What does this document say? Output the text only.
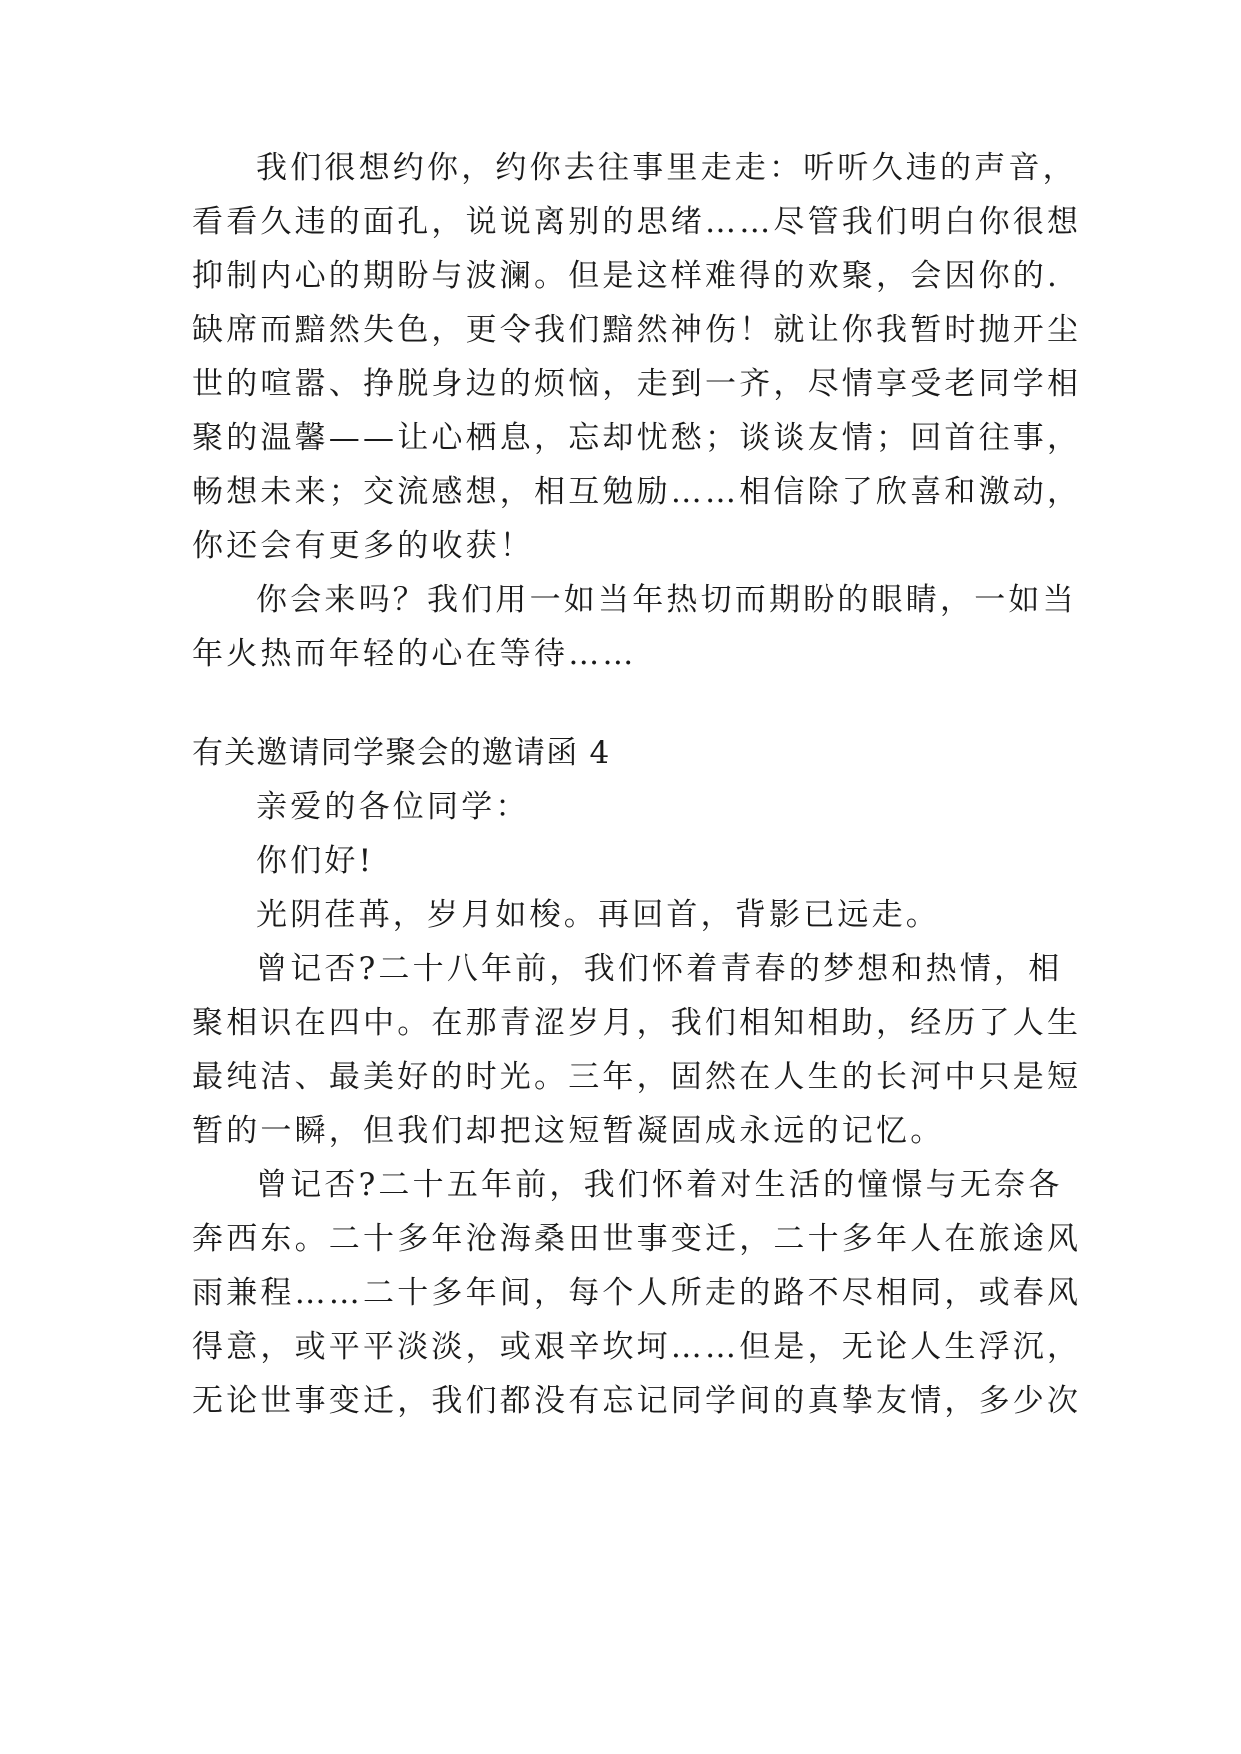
我们很想约你，约你去往事里走走：听听久违的声音，
看看久违的面孔，说说离别的思绪……尽管我们明白你很想
抑制内心的期盼与波澜。但是这样难得的欢聚，会因你的.
缺席而黯然失色，更令我们黯然神伤！就让你我暂时抛开尘
世的喧嚣、挣脱身边的烦恼，走到一齐，尽情享受老同学相
聚的温馨——让心栖息，忘却忧愁；谈谈友情；回首往事，
畅想未来；交流感想，相互勉励……相信除了欣喜和激动，
你还会有更多的收获！
你会来吗？我们用一如当年热切而期盼的眼睛，一如当
年火热而年轻的心在等待……
有关邀请同学聚会的邀请函 4
亲爱的各位同学：
你们好!
光阴荏苒，岁月如梭。再回首，背影已远走。
曾记否?二十八年前，我们怀着青春的梦想和热情，相
聚相识在四中。在那青涩岁月，我们相知相助，经历了人生
最纯洁、最美好的时光。三年，固然在人生的长河中只是短
暂的一瞬，但我们却把这短暂凝固成永远的记忆。
曾记否?二十五年前，我们怀着对生活的憧憬与无奈各
奔西东。二十多年沧海桑田世事变迁，二十多年人在旅途风
雨兼程……二十多年间，每个人所走的路不尽相同，或春风
得意，或平平淡淡，或艰辛坎坷……但是，无论人生浮沉，
无论世事变迁，我们都没有忘记同学间的真挚友情，多少次
